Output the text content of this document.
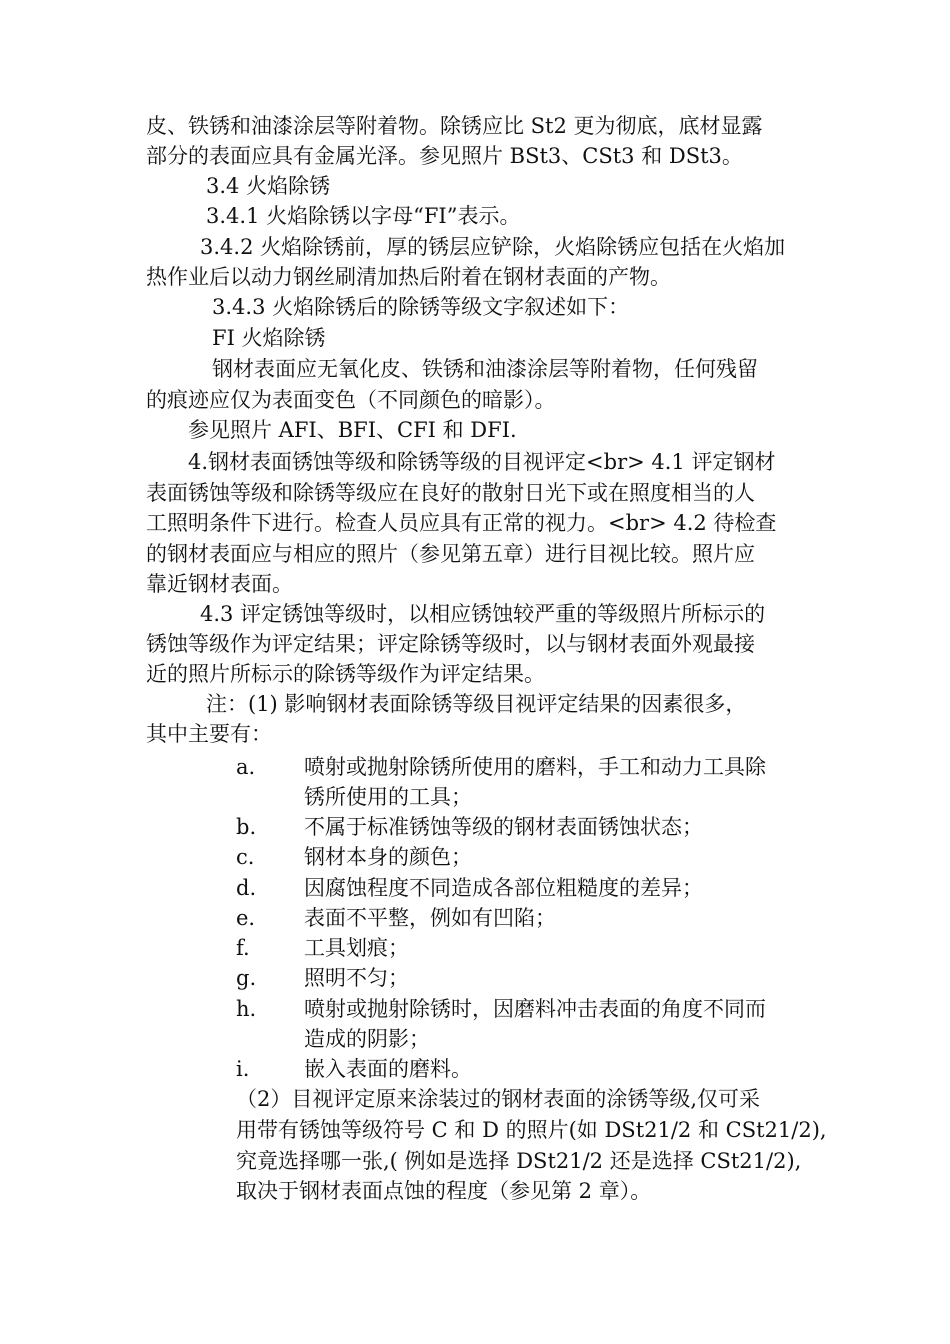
皮、铁锈和油漆涂层等附着物。除锈应比 St2 更为彻底，底材显露
部分的表面应具有金属光泽。参见照片 BSt3、CSt3 和 DSt3。
3.4 火焰除锈
3.4.1 火焰除锈以字母“FI”表示。
3.4.2 火焰除锈前，厚的锈层应铲除，火焰除锈应包括在火焰加
热作业后以动力钢丝刷清加热后附着在钢材表面的产物。
3.4.3 火焰除锈后的除锈等级文字叙述如下：
FI 火焰除锈
钢材表面应无氧化皮、铁锈和油漆涂层等附着物，任何残留
的痕迹应仅为表面变色（不同颜色的暗影）。
参见照片 AFI、BFI、CFI 和 DFI.
4.钢材表面锈蚀等级和除锈等级的目视评定<br> 4.1 评定钢材
表面锈蚀等级和除锈等级应在良好的散射日光下或在照度相当的人
工照明条件下进行。检查人员应具有正常的视力。<br> 4.2 待检查
的钢材表面应与相应的照片（参见第五章）进行目视比较。照片应
靠近钢材表面。
4.3 评定锈蚀等级时，以相应锈蚀较严重的等级照片所标示的
锈蚀等级作为评定结果；评定除锈等级时，以与钢材表面外观最接
近的照片所标示的除锈等级作为评定结果。
注：(1) 影响钢材表面除锈等级目视评定结果的因素很多，
其中主要有：
a. 喷射或抛射除锈所使用的磨料，手工和动力工具除
锈所使用的工具；
b. 不属于标准锈蚀等级的钢材表面锈蚀状态；
c. 钢材本身的颜色；
d. 因腐蚀程度不同造成各部位粗糙度的差异；
e. 表面不平整，例如有凹陷；
f.	工具划痕；
g. 照明不匀；
h. 喷射或抛射除锈时，因磨料冲击表面的角度不同而
造成的阴影；
i.	嵌入表面的磨料。
（2）目视评定原来涂装过的钢材表面的涂锈等级,仅可采
用带有锈蚀等级符号 C 和 D 的照片(如 DSt21/2 和 CSt21/2),
究竟选择哪一张,( 例如是选择 DSt21/2 还是选择 CSt21/2),
取决于钢材表面点蚀的程度（参见第 2 章）。
